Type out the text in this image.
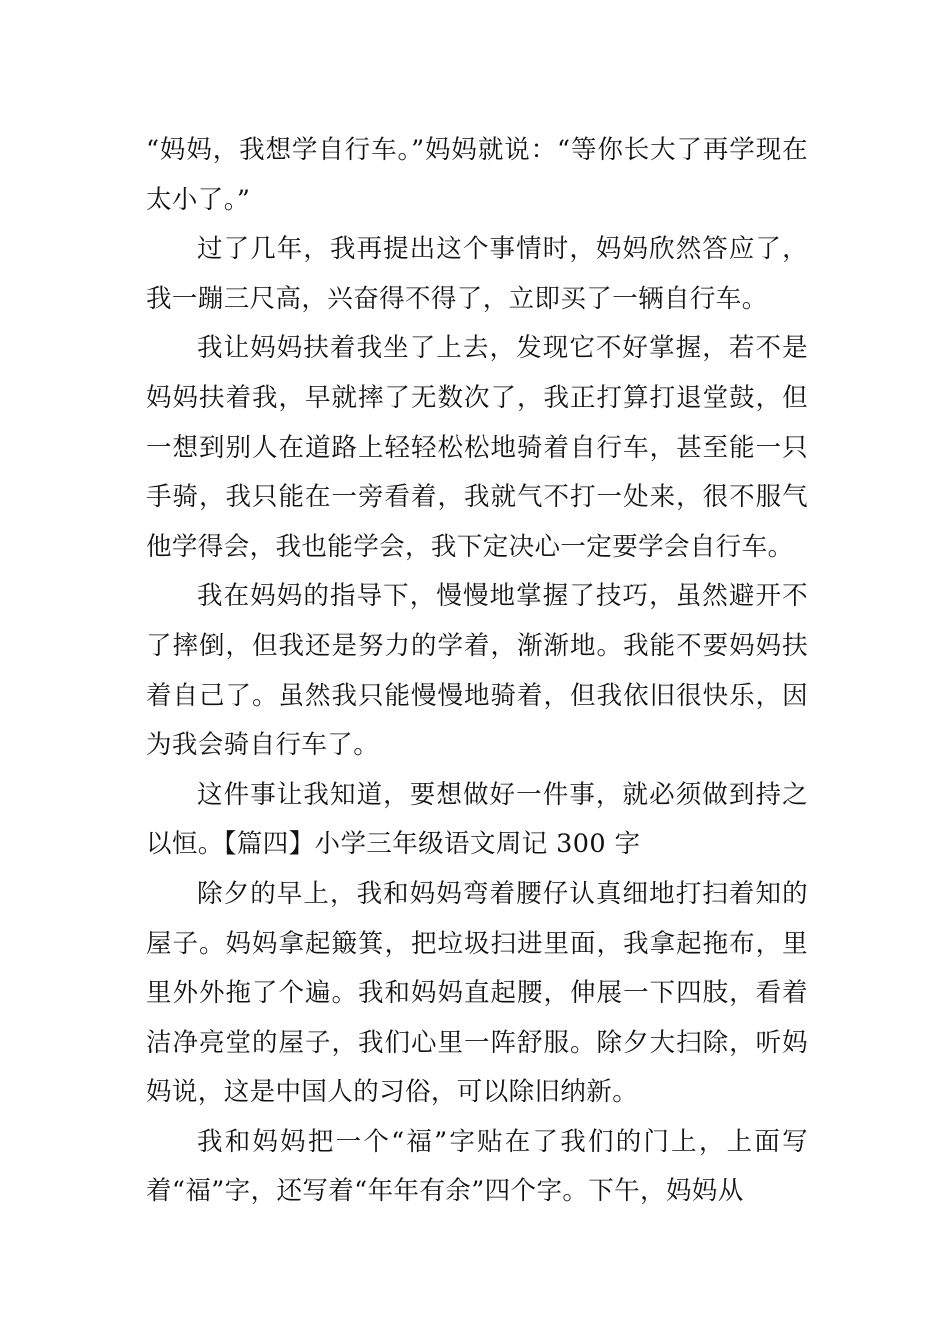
“妈妈，我想学自行车。”妈妈就说：“等你长大了再学现在太小了。”

过了几年，我再提出这个事情时，妈妈欣然答应了，我一蹦三尺高，兴奋得不得了，立即买了一辆自行车。

我让妈妈扶着我坐了上去，发现它不好掌握，若不是妈妈扶着我，早就摔了无数次了，我正打算打退堂鼓，但一想到别人在道路上轻轻松松地骑着自行车，甚至能一只手骑，我只能在一旁看着，我就气不打一处来，很不服气他学得会，我也能学会，我下定决心一定要学会自行车。

我在妈妈的指导下，慢慢地掌握了技巧，虽然避开不了摔倒，但我还是努力的学着，渐渐地。我能不要妈妈扶着自己了。虽然我只能慢慢地骑着，但我依旧很快乐，因为我会骑自行车了。

这件事让我知道，要想做好一件事，就必须做到持之以恒。【篇四】小学三年级语文周记 300 字

除夕的早上，我和妈妈弯着腰仔认真细地打扫着知的屋子。妈妈拿起簸箕，把垃圾扫进里面，我拿起拖布，里里外外拖了个遍。我和妈妈直起腰，伸展一下四肢，看着洁净亮堂的屋子，我们心里一阵舒服。除夕大扫除，听妈妈说，这是中国人的习俗，可以除旧纳新。

我和妈妈把一个“福”字贴在了我们的门上，上面写着“福”字，还写着“年年有余”四个字。下午，妈妈从
